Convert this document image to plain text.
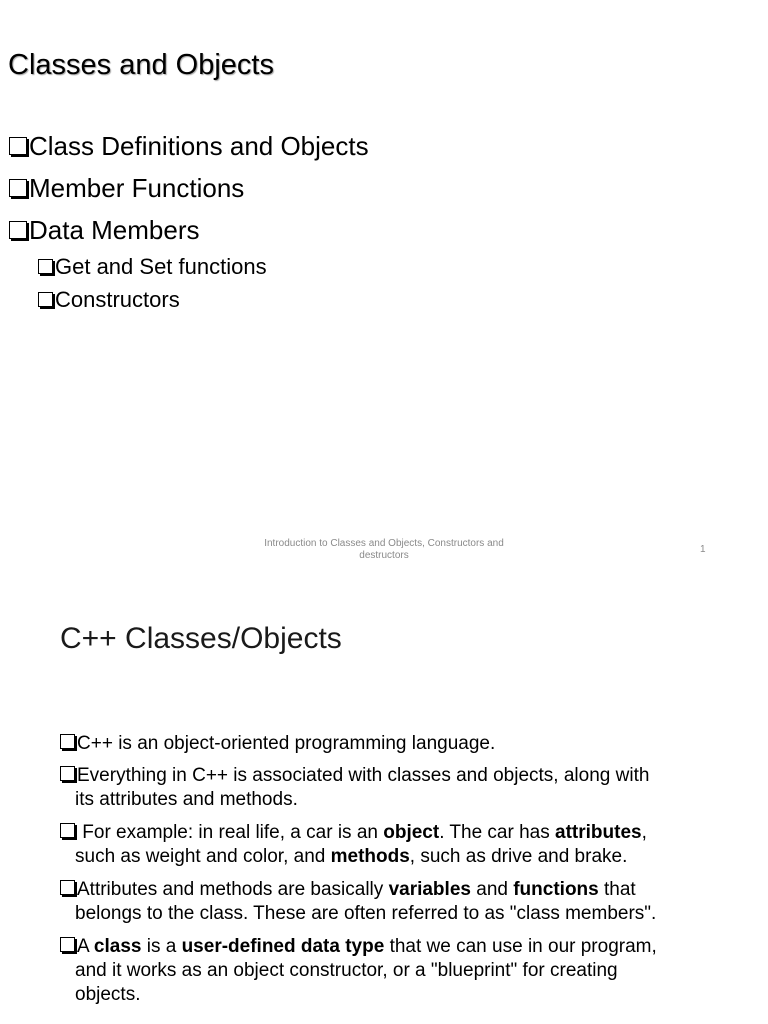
Classes and Objects
Class Definitions and Objects
Member Functions
Data Members
Get and Set functions
Constructors
Introduction to Classes and Objects, Constructors and
destructors
1
C++ Classes/Objects
C++ is an object-oriented programming language.
Everything in C++ is associated with classes and objects, along with
its attributes and methods.
For example: in real life, a car is an object. The car has attributes,
such as weight and color, and methods, such as drive and brake.
Attributes and methods are basically variables and functions that
belongs to the class. These are often referred to as "class members".
A class is a user-defined data type that we can use in our program,
and it works as an object constructor, or a "blueprint" for creating
objects.
